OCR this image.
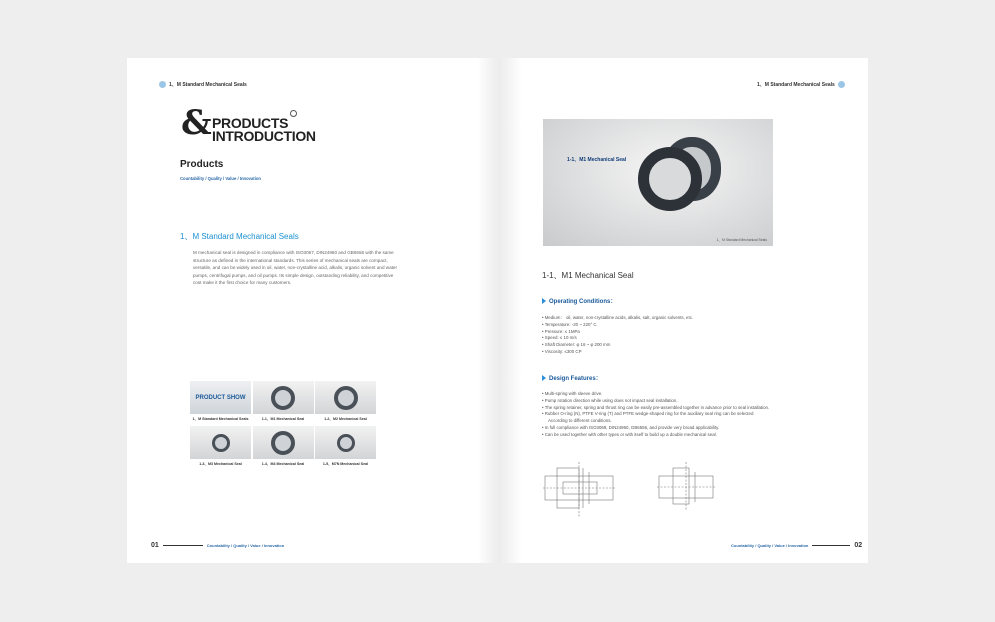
1、M Standard Mechanical Seals
& PRODUCTS
INTRODUCTION
Products
Countability / Quality / Value / Innovation
1、M Standard Mechanical Seals

M mechanical seal is designed in compliance with ISO3067, DIN24960 and GB6556 with the same structure as defined in the international standards. This series of mechanical seals are compact, versatile, and can be widely used in oil, water, non-crystalline acid, alkalis, organic solvent and water pumps, centrifugal pumps, and oil pumps. Its simple design, outstanding reliability, and competitive cost make it the first choice for many customers.

PRODUCT SHOW
1、M Standard Mechanical Seals	1-1、M1 Mechanical Seal	1-2、M2 Mechanical Seal
1-3、M3 Mechanical Seal	1-4、M4 Mechanical Seal	1-5、M7N Mechanical Seal
01	Countability / Quality / Value / Innovation
1、M Standard Mechanical Seals
1-1、M1 Mechanical Seal
1、M Standard Mechanical Seals
1-1、M1 Mechanical Seal
Operating Conditions：
• Medium： oil, water, non-crystalline acids, alkalis, salt, organic solvents, etc.
• Temperature: -20 ~ 220° C
• Pressure: ≤ 1MPa
• Speed: ≤ 10 m/s
• Shaft Diameter: φ 16 ~ φ 200 mm
• Viscosity: ≤300 CP
Design Features：
• Multi-spring with sleeve drive.
• Pump rotation direction while using does not impact seal installation.
• The spring retainer, spring and thrust ring can be easily pre-assembled together in advance prior to seal installation.
• Rubber O-ring (N), PTFE V-ring (T) and PTFE wedge-shaped ring for the auxiliary seal ring can be selected
According to different conditions.
• In full compliance with ISO3069, DIN24960, GB6556, and provide very broad applicability.
• Can be used together with other types or with itself to build up a double mechanical seal.
Countability / Quality / Value / Innovation	02
